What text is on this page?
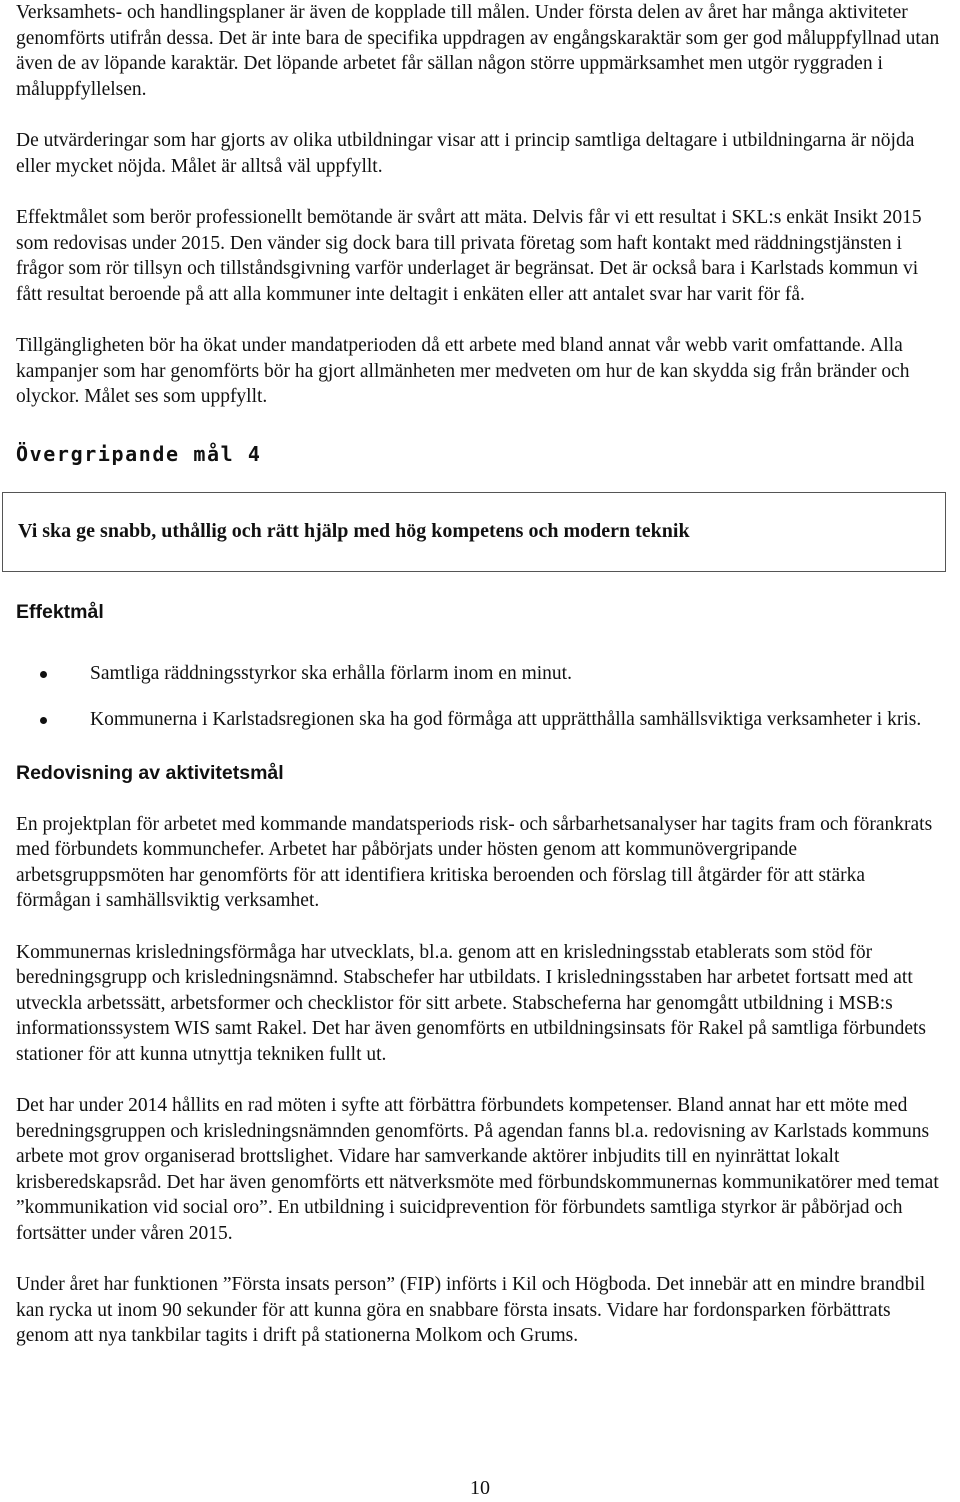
Verksamhets- och handlingsplaner är även de kopplade till målen. Under första delen av året har många aktiviteter genomförts utifrån dessa. Det är inte bara de specifika uppdragen av engångskaraktär som ger god måluppfyllnad utan även de av löpande karaktär. Det löpande arbetet får sällan någon större uppmärksamhet men utgör ryggraden i måluppfyllelsen.

De utvärderingar som har gjorts av olika utbildningar visar att i princip samtliga deltagare i utbildningarna är nöjda eller mycket nöjda. Målet är alltså väl uppfyllt.

Effektmålet som berör professionellt bemötande är svårt att mäta. Delvis får vi ett resultat i SKL:s enkät Insikt 2015 som redovisas under 2015. Den vänder sig dock bara till privata företag som haft kontakt med räddningstjänsten i frågor som rör tillsyn och tillståndsgivning varför underlaget är begränsat. Det är också bara i Karlstads kommun vi fått resultat beroende på att alla kommuner inte deltagit i enkäten eller att antalet svar har varit för få.

Tillgängligheten bör ha ökat under mandatperioden då ett arbete med bland annat vår webb varit omfattande. Alla kampanjer som har genomförts bör ha gjort allmänheten mer medveten om hur de kan skydda sig från bränder och olyckor. Målet ses som uppfyllt.

Övergripande mål 4
Vi ska ge snabb, uthållig och rätt hjälp med hög kompetens och modern teknik
Effektmål
Samtliga räddningsstyrkor ska erhålla förlarm inom en minut.
Kommunerna i Karlstadsregionen ska ha god förmåga att upprätthålla samhällsviktiga verksamheter i kris.
Redovisning av aktivitetsmål

En projektplan för arbetet med kommande mandatsperiods risk- och sårbarhetsanalyser har tagits fram och förankrats med förbundets kommunchefer. Arbetet har påbörjats under hösten genom att kommunövergripande arbetsgruppsmöten har genomförts för att identifiera kritiska beroenden och förslag till åtgärder för att stärka förmågan i samhällsviktig verksamhet.

Kommunernas krisledningsförmåga har utvecklats, bl.a. genom att en krisledningsstab etablerats som stöd för beredningsgrupp och krisledningsnämnd. Stabschefer har utbildats. I krisledningsstaben har arbetet fortsatt med att utveckla arbetssätt, arbetsformer och checklistor för sitt arbete. Stabscheferna har genomgått utbildning i MSB:s informationssystem WIS samt Rakel. Det har även genomförts en utbildningsinsats för Rakel på samtliga förbundets stationer för att kunna utnyttja tekniken fullt ut.

Det har under 2014 hållits en rad möten i syfte att förbättra förbundets kompetenser. Bland annat har ett möte med beredningsgruppen och krisledningsnämnden genomförts. På agendan fanns bl.a. redovisning av Karlstads kommuns arbete mot grov organiserad brottslighet. Vidare har samverkande aktörer inbjudits till en nyinrättat lokalt krisberedskapsråd. Det har även genomförts ett nätverksmöte med förbundskommunernas kommunikatörer med temat ”kommunikation vid social oro”. En utbildning i suicidprevention för förbundets samtliga styrkor är påbörjad och fortsätter under våren 2015.

Under året har funktionen ”Första insats person” (FIP) införts i Kil och Högboda. Det innebär att en mindre brandbil kan rycka ut inom 90 sekunder för att kunna göra en snabbare första insats. Vidare har fordonsparken förbättrats genom att nya tankbilar tagits i drift på stationerna Molkom och Grums.

10
